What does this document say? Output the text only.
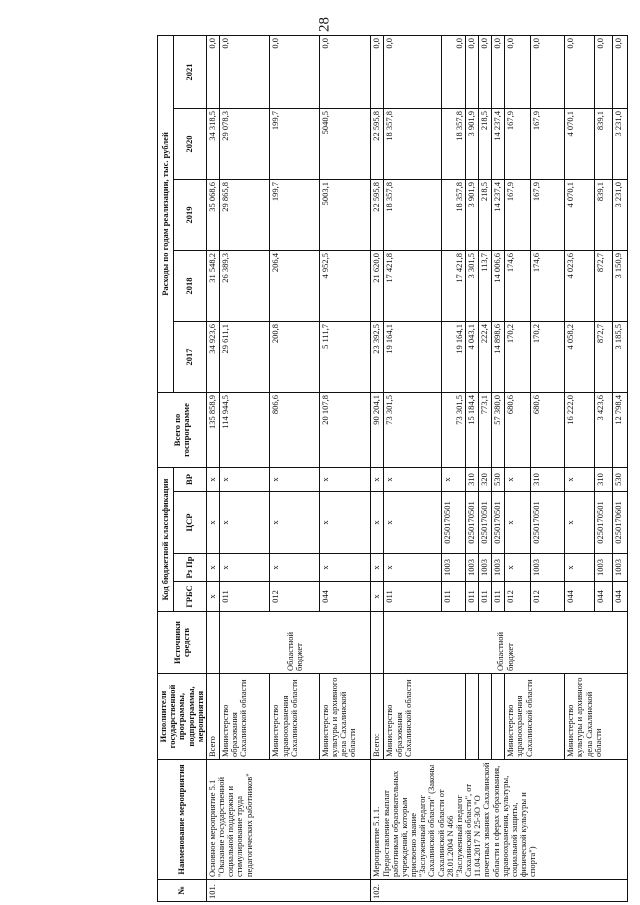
28
№	Наименование мероприятия	Исполнители государственной программы, подпрограммы, мероприятия	Источники средств	Код бюджетной классификации				Всего по госпрограмме	Расходы по годам реализации, тыс. рублей				
				ГРБС	Рз Пр	ЦСР	ВР		2017	2018	2019	2020	2021
101.	Основное мероприятие 5.1 "Оказание государственной социальной поддержки и стимулирование труда педагогических работников"	Всего		x	x	x	x	135 858,9	34 923,6	31 548,2	35 068,6	34 318,5	0,0
		Министерство образования Сахалинской области	Областной бюджет	011	x	x	x	114 944,5	29 611,1	26 389,3	29 865,8	29 078,3	0,0
		Министерство здравоохранения Сахалинской области		012	x	x	x	806,6	200,8	206,4	199,7	199,7	0,0
		Министерство культуры и архивного дела Сахалинской области		044	x	x	x	20 107,8	5 111,7	4 952,5	5003,1	5040,5	0,0
102.	Мероприятие 5.1.1. Предоставление выплат работникам образовательных учреждений, которым присвоено звание "Заслуженный педагог Сахалинской области" (Законы Сахалинской области от 28.01.2004 N 466 "Заслуженный педагог Сахалинской области", от 11.04.2017 N 25-ЗО "О почетных званиях Сахалинской области в сферах образования, здравоохранения, культуры, социальной защиты, физической культуры и спорта")	Всего:		x	x	x	x	90 204,1	23 392,5	21 620,0	22 595,8	22 595,8	0,0
		Министерство образования Сахалинской области	Областной бюджет	011	x	x	x	73 301,5	19 164,1	17 421,8	18 357,8	18 357,8	0,0
				011	1003	0250170501	x	73 301,5	19 164,1	17 421,8	18 357,8	18 357,8	0,0
				011	1003	0250170501	310	15 184,4	4 043,1	3 301,5	3 901,9	3 901,9	0,0
				011	1003	0250170501	320	773,1	222,4	113,7	218,5	218,5	0,0
				011	1003	0250170501	530	57 380,0	14 898,6	14 006,6	14 237,4	14 237,4	0,0
		Министерство здравоохранения Сахалинской области		012	x	x	x	680,6	170,2	174,6	167,9	167,9	0,0
				012	1003	0250170501	310	680,6	170,2	174,6	167,9	167,9	0,0
		Министерство культуры и архивного дела Сахалинской области		044	x	x	x	16 222,0	4 058,2	4 023,6	4 070,1	4 070,1	0,0
				044	1003	0250170501	310	3 423,6	872,7	872,7	839,1	839,1	0,0
				044	1003	0250170601	530	12 798,4	3 185,5	3 150,9	3 231,0	3 231,0	0,0
